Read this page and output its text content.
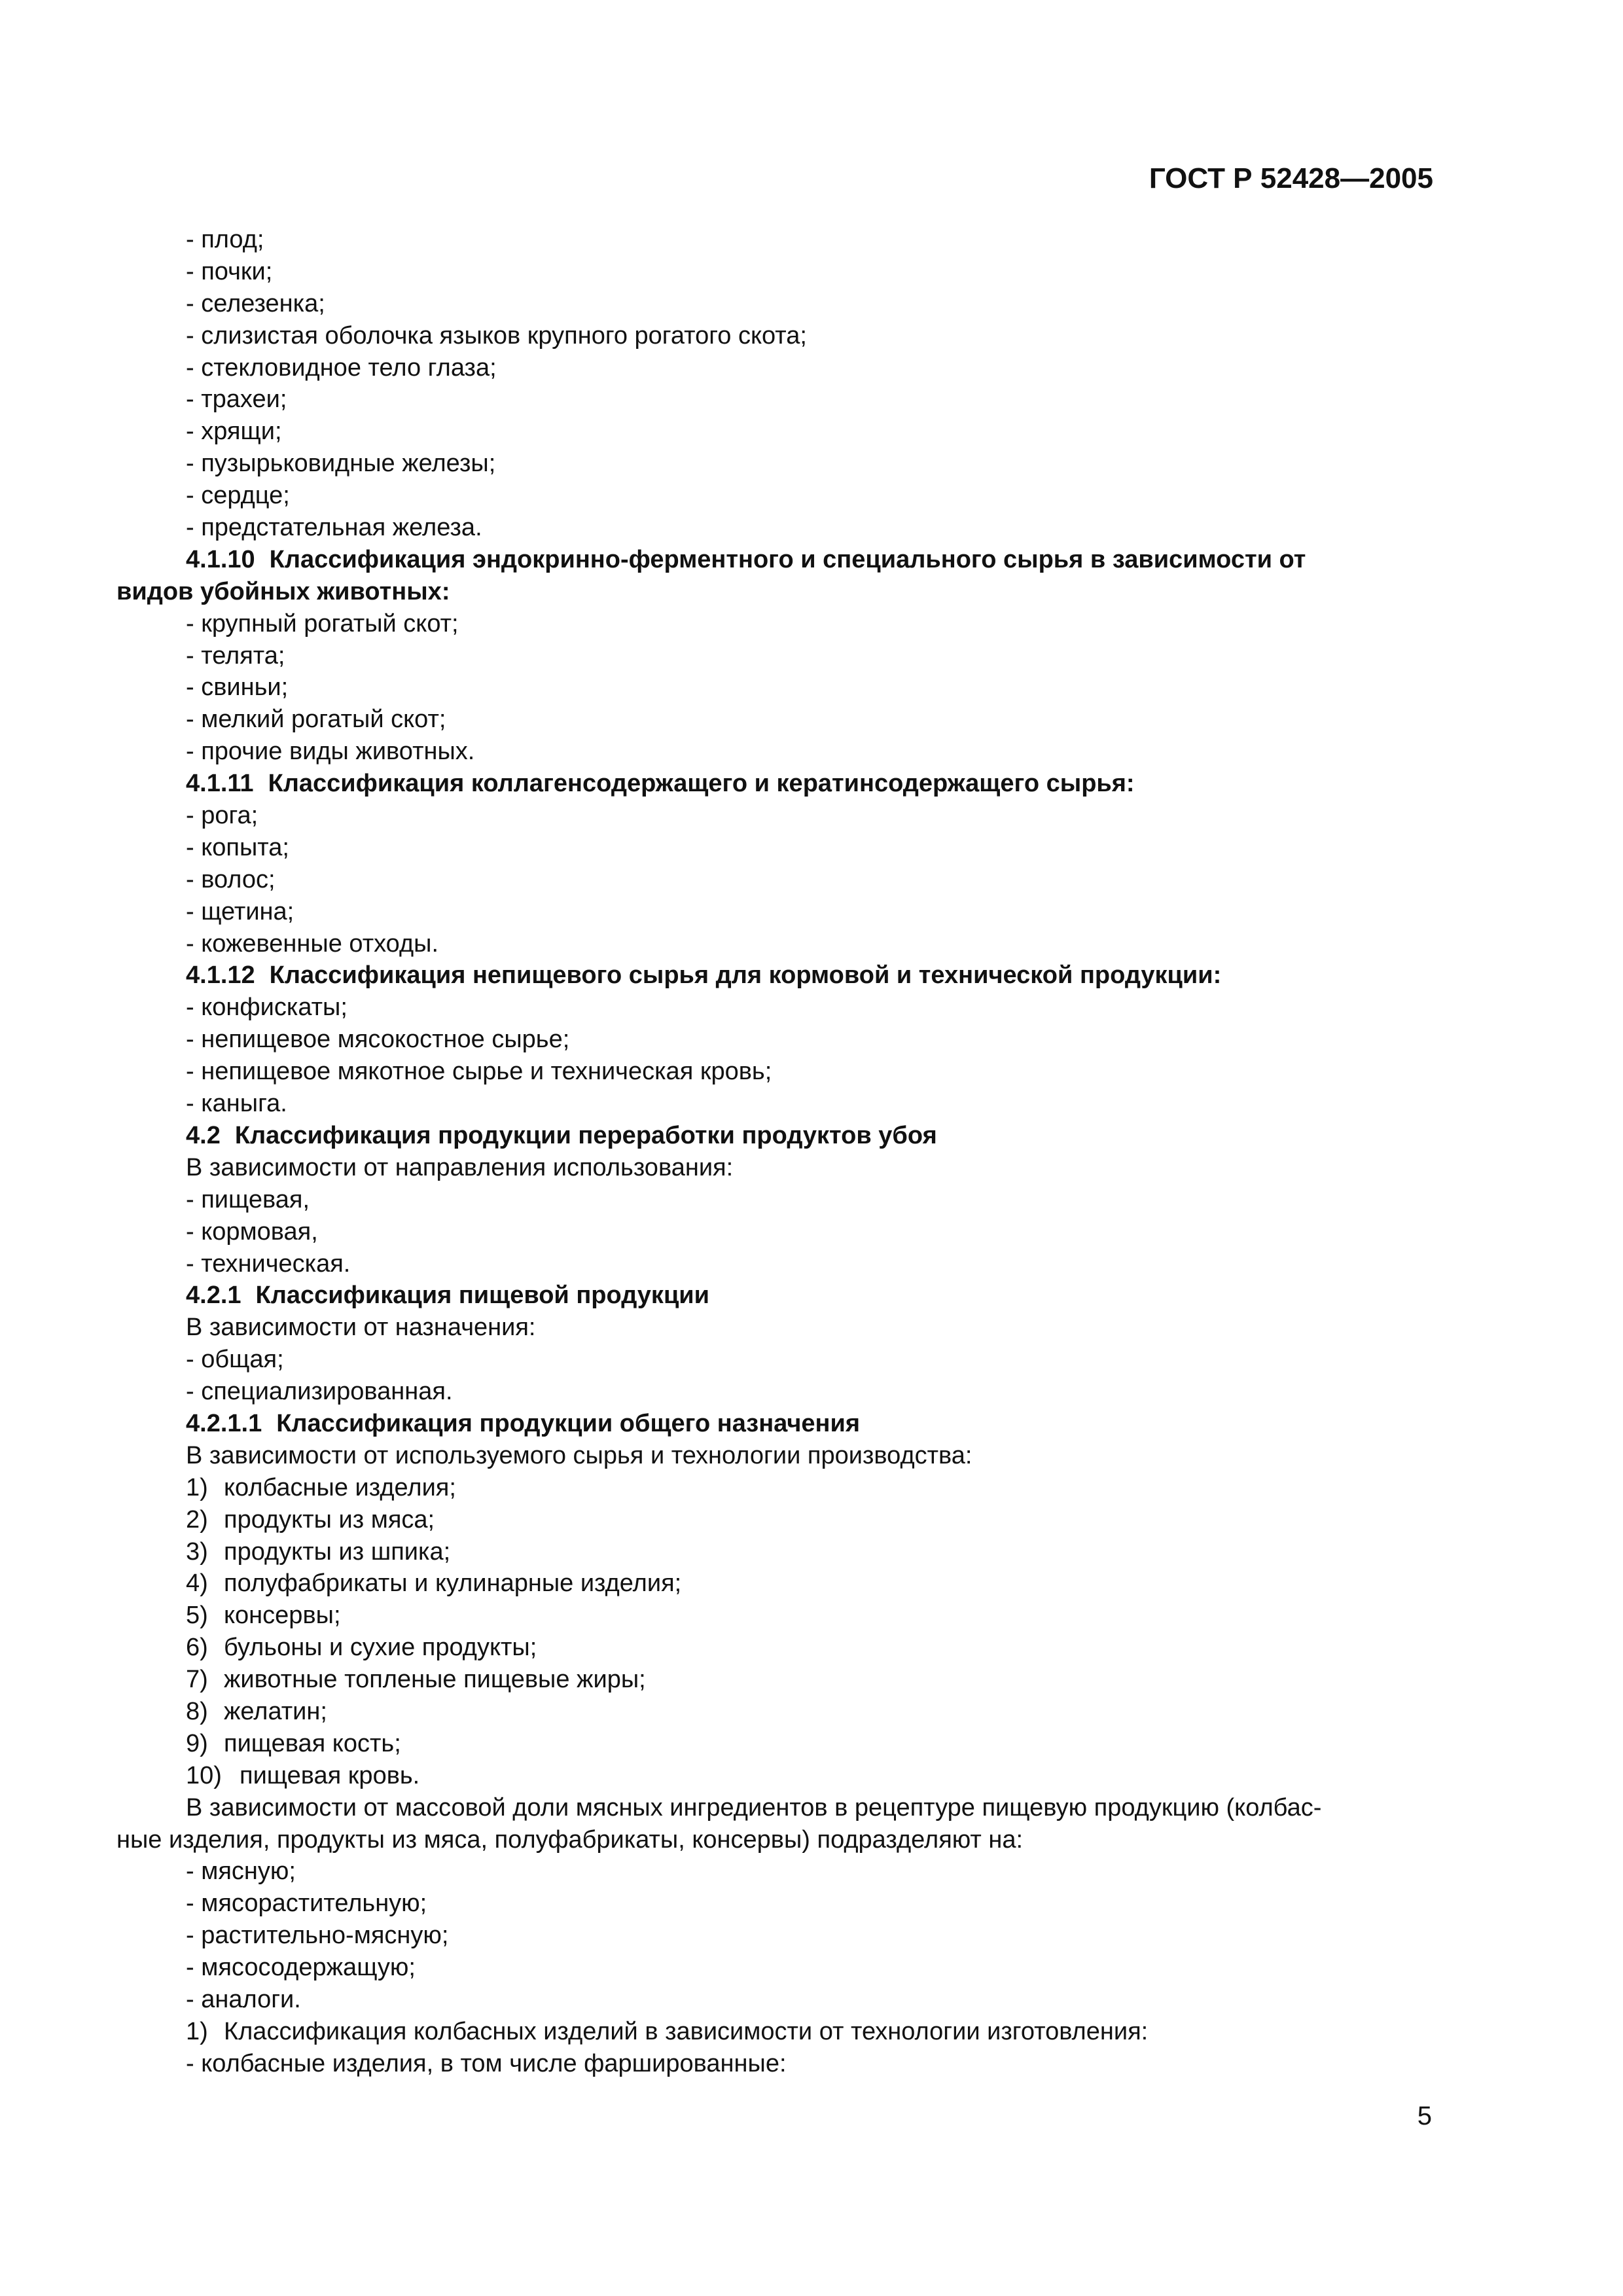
ГОСТ Р 52428—2005
- плод;
- почки;
- селезенка;
- слизистая оболочка языков крупного рогатого скота;
- стекловидное тело глаза;
- трахеи;
- хрящи;
- пузырьковидные железы;
- сердце;
- предстательная железа.
4.1.10 Классификация эндокринно-ферментного и специального сырья в зависимости от
видов убойных животных:
- крупный рогатый скот;
- телята;
- свиньи;
- мелкий рогатый скот;
- прочие виды животных.
4.1.11 Классификация коллагенсодержащего и кератинсодержащего сырья:
- рога;
- копыта;
- волос;
- щетина;
- кожевенные отходы.
4.1.12 Классификация непищевого сырья для кормовой и технической продукции:
- конфискаты;
- непищевое мясокостное сырье;
- непищевое мякотное сырье и техническая кровь;
- каныга.
4.2 Классификация продукции переработки продуктов убоя
В зависимости от направления использования:
- пищевая,
- кормовая,
- техническая.
4.2.1 Классификация пищевой продукции
В зависимости от назначения:
- общая;
- специализированная.
4.2.1.1 Классификация продукции общего назначения
В зависимости от используемого сырья и технологии производства:
1) колбасные изделия;
2) продукты из мяса;
3) продукты из шпика;
4) полуфабрикаты и кулинарные изделия;
5) консервы;
6) бульоны и сухие продукты;
7) животные топленые пищевые жиры;
8) желатин;
9) пищевая кость;
10) пищевая кровь.
В зависимости от массовой доли мясных ингредиентов в рецептуре пищевую продукцию (колбас-
ные изделия, продукты из мяса, полуфабрикаты, консервы) подразделяют на:
- мясную;
- мясорастительную;
- растительно-мясную;
- мясосодержащую;
- аналоги.
1) Классификация колбасных изделий в зависимости от технологии изготовления:
- колбасные изделия, в том числе фаршированные:
5
